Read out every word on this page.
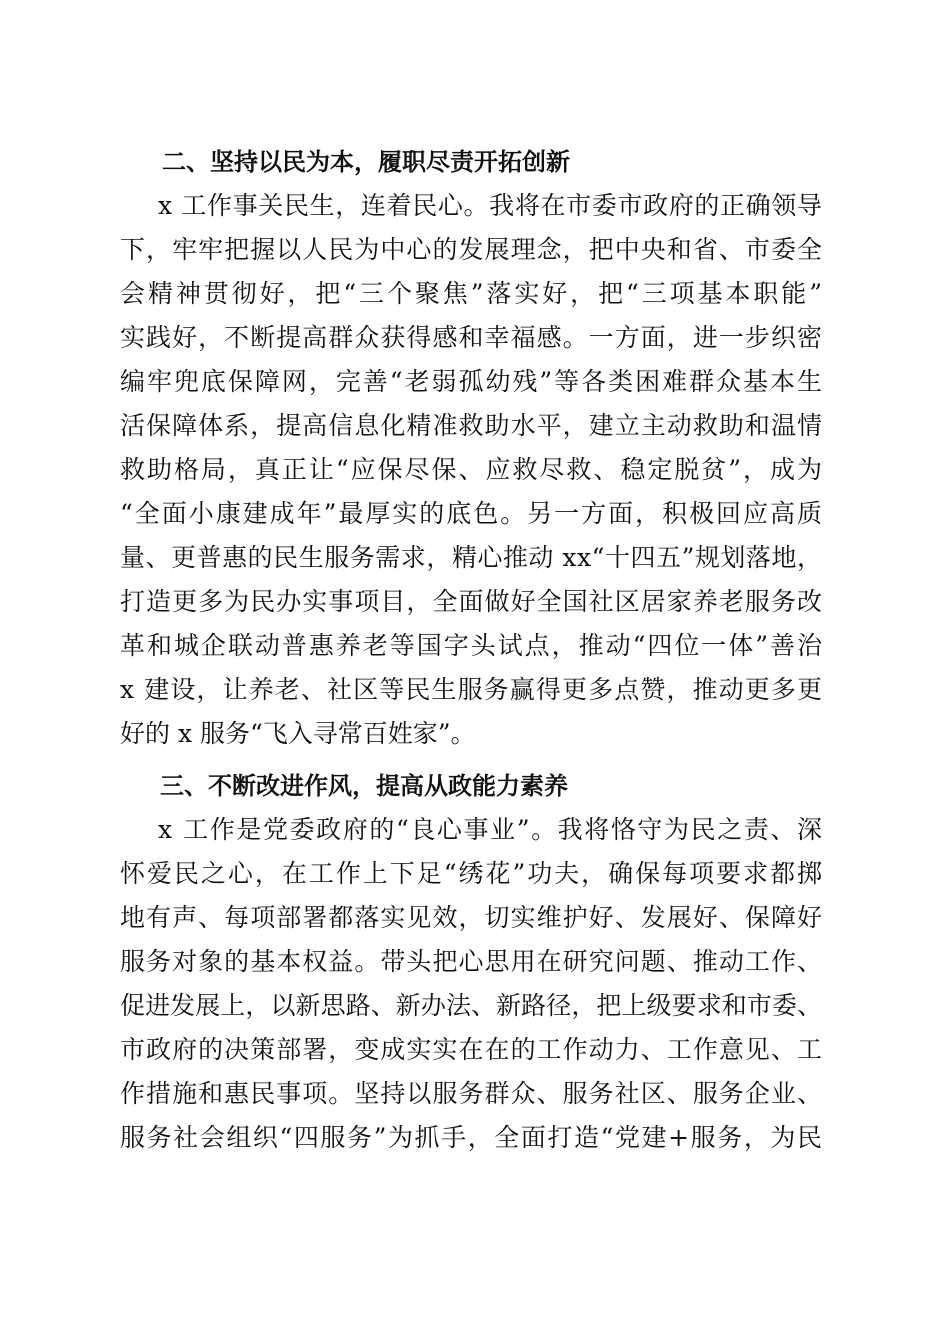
二、坚持以民为本，履职尽责开拓创新

x 工作事关民生，连着民心。我将在市委市政府的正确领导

下，牢牢把握以人民为中心的发展理念，把中央和省、市委全

会精神贯彻好，把“三个聚焦”落实好，把“三项基本职能”

实践好，不断提高群众获得感和幸福感。一方面，进一步织密

编牢兜底保障网，完善“老弱孤幼残”等各类困难群众基本生

活保障体系，提高信息化精准救助水平，建立主动救助和温情

救助格局，真正让“应保尽保、应救尽救、稳定脱贫”，成为

“全面小康建成年”最厚实的底色。另一方面，积极回应高质

量、更普惠的民生服务需求，精心推动 xx“十四五”规划落地，

打造更多为民办实事项目，全面做好全国社区居家养老服务改

革和城企联动普惠养老等国字头试点，推动“四位一体”善治

x 建设，让养老、社区等民生服务赢得更多点赞，推动更多更

好的 x 服务“飞入寻常百姓家”。

三、不断改进作风，提高从政能力素养

x 工作是党委政府的“良心事业”。我将恪守为民之责、深

怀爱民之心，在工作上下足“绣花”功夫，确保每项要求都掷

地有声、每项部署都落实见效，切实维护好、发展好、保障好

服务对象的基本权益。带头把心思用在研究问题、推动工作、

促进发展上，以新思路、新办法、新路径，把上级要求和市委、

市政府的决策部署，变成实实在在的工作动力、工作意见、工

作措施和惠民事项。坚持以服务群众、服务社区、服务企业、

服务社会组织“四服务”为抓手，全面打造“党建+服务，为民
